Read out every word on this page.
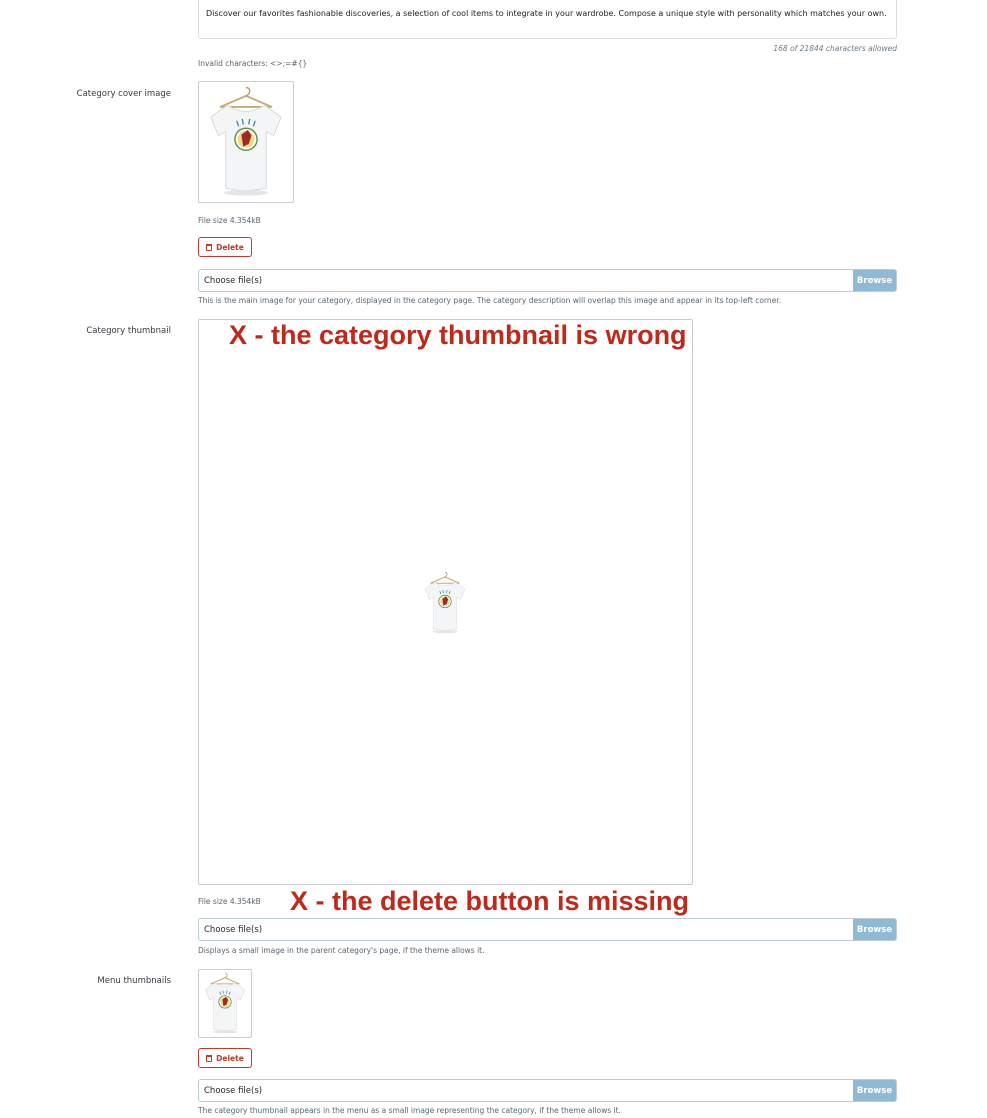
Discover our favorites fashionable discoveries, a selection of cool items to integrate in your wardrobe. Compose a unique style with personality which matches your own.
168 of 21844 characters allowed
Invalid characters: <>;=#{}
Category cover image
File size 4.354kB
Delete
Choose file(s)	Browse
This is the main image for your category, displayed in the category page. The category description will overlap this image and appear in its top-left corner.
Category thumbnail X - the category thumbnail is wrong
File size 4.354kB X - the delete button is missing
Choose file(s)	Browse
Displays a small image in the parent category's page, if the theme allows it.
Menu thumbnails
Delete
Choose file(s)	Browse
The category thumbnail appears in the menu as a small image representing the category, if the theme allows it.
